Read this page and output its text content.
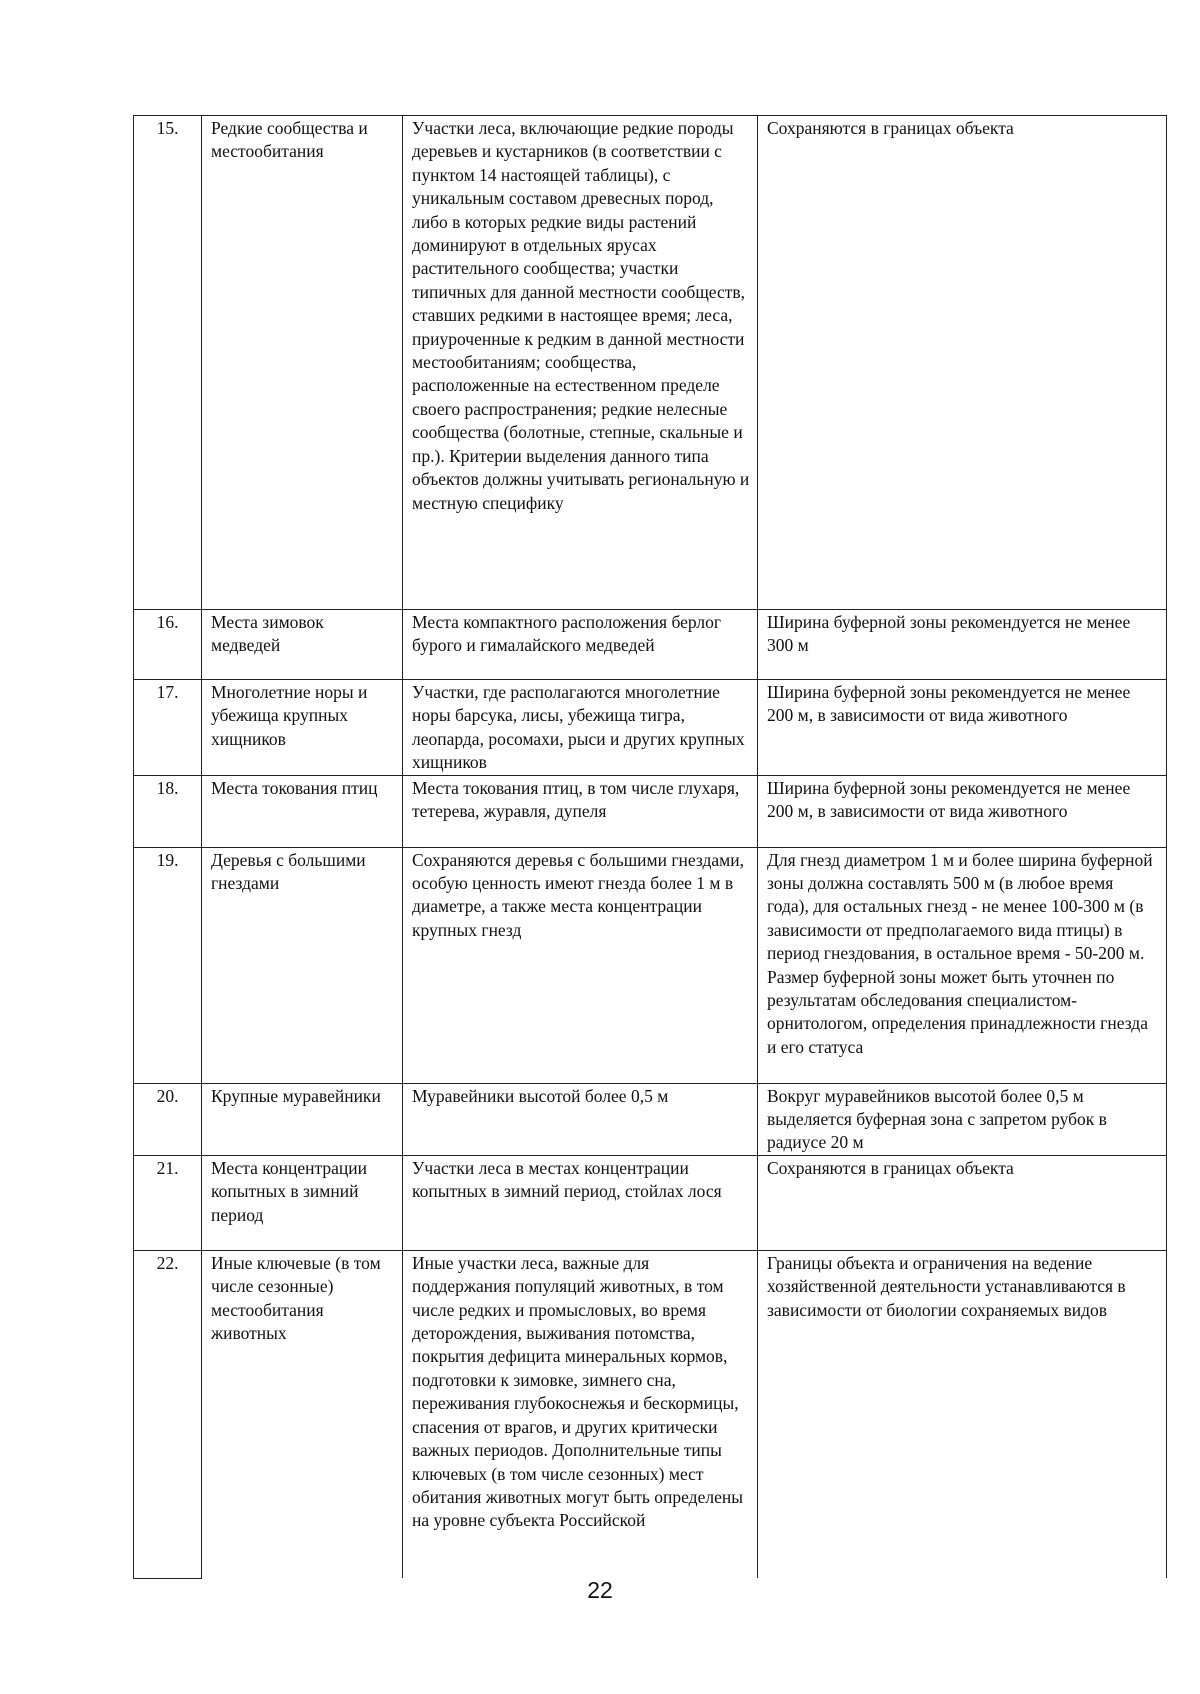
15.	Редкие сообщества и местообитания	Участки леса, включающие редкие породы деревьев и кустарников (в соответствии с пунктом 14 настоящей таблицы), с уникальным составом древесных пород, либо в которых редкие виды растений доминируют в отдельных ярусах растительного сообщества; участки типичных для данной местности сообществ, ставших редкими в настоящее время; леса, приуроченные к редким в данной местности местообитаниям; сообщества, расположенные на естественном пределе своего распространения; редкие нелесные сообщества (болотные, степные, скальные и пр.). Критерии выделения данного типа объектов должны учитывать региональную и местную специфику	Сохраняются в границах объекта
16.	Места зимовок медведей	Места компактного расположения берлог бурого и гималайского медведей	Ширина буферной зоны рекомендуется не менее 300 м
17.	Многолетние норы и убежища крупных хищников	Участки, где располагаются многолетние норы барсука, лисы, убежища тигра, леопарда, росомахи, рыси и других крупных хищников	Ширина буферной зоны рекомендуется не менее 200 м, в зависимости от вида животного
18.	Места токования птиц	Места токования птиц, в том числе глухаря, тетерева, журавля, дупеля	Ширина буферной зоны рекомендуется не менее 200 м, в зависимости от вида животного
19.	Деревья с большими гнездами	Сохраняются деревья с большими гнездами, особую ценность имеют гнезда более 1 м в диаметре, а также места концентрации крупных гнезд	Для гнезд диаметром 1 м и более ширина буферной зоны должна составлять 500 м (в любое время года), для остальных гнезд - не менее 100-300 м (в зависимости от предполагаемого вида птицы) в период гнездования, в остальное время - 50-200 м. Размер буферной зоны может быть уточнен по результатам обследования специалистом-орнитологом, определения принадлежности гнезда и его статуса
20.	Крупные муравейники	Муравейники высотой более 0,5 м	Вокруг муравейников высотой более 0,5 м выделяется буферная зона с запретом рубок в радиусе 20 м
21.	Места концентрации копытных в зимний период	Участки леса в местах концентрации копытных в зимний период, стойлах лося	Сохраняются в границах объекта
22.	Иные ключевые (в том числе сезонные) местообитания животных	Иные участки леса, важные для поддержания популяций животных, в том числе редких и промысловых, во время деторождения, выживания потомства, покрытия дефицита минеральных кормов, подготовки к зимовке, зимнего сна, переживания глубокоснежья и бескормицы, спасения от врагов, и других критически важных периодов. Дополнительные типы ключевых (в том числе сезонных) мест обитания животных могут быть определены на уровне субъекта Российской	Границы объекта и ограничения на ведение хозяйственной деятельности устанавливаются в зависимости от биологии сохраняемых видов
22
